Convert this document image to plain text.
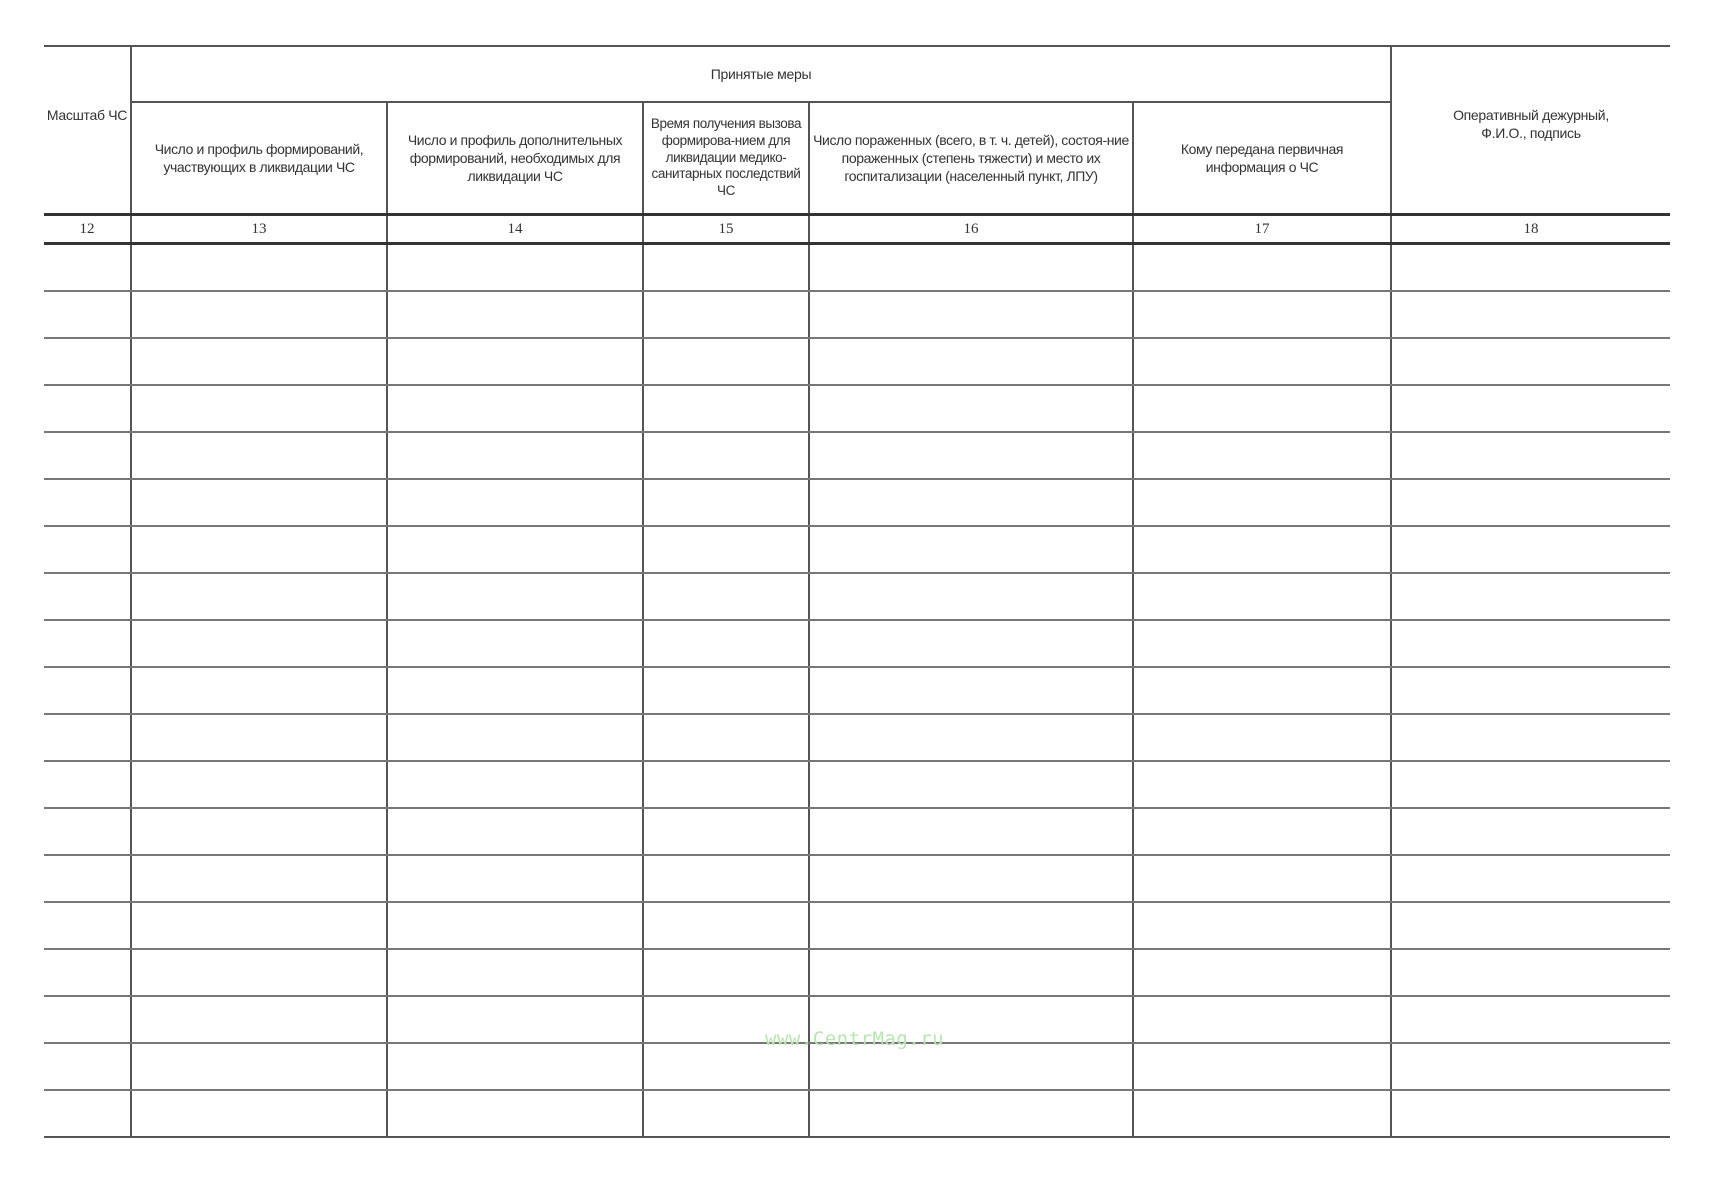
Масштаб ЧС	Принятые меры					Оперативный дежурный, Ф.И.О., подпись
	Число и профиль формирований, участвующих в ликвидации ЧС	Число и профиль дополнительных формирований, необходимых для ликвидации ЧС	Время получения вызова формирова-нием для ликвидации медико-санитарных последствий ЧС	Число пораженных (всего, в т. ч. детей), состоя-ние пораженных (степень тяжести) и место их госпитализации (населенный пункт, ЛПУ)	Кому передана первичная информация о ЧС	
12	13	14	15	16	17	18

www.CentrMag.ru
